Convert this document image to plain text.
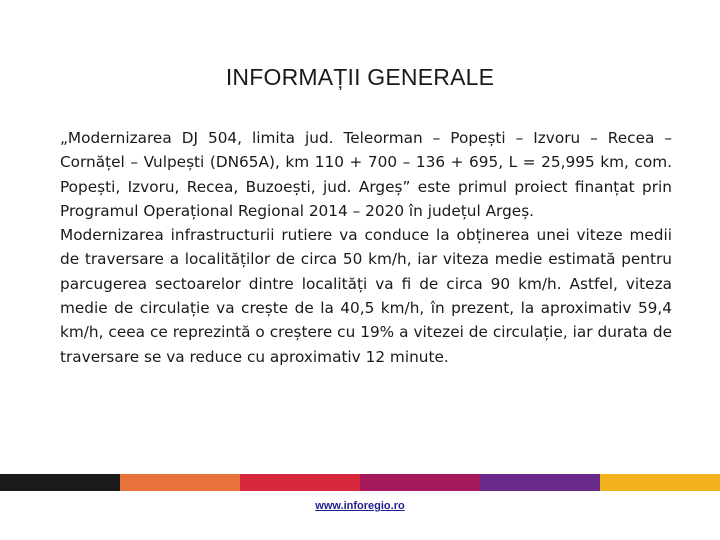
INFORMAȚII GENERALE

„Modernizarea DJ 504, limita jud. Teleorman – Popești – Izvoru – Recea – Cornățel – Vulpești (DN65A), km 110 + 700 – 136 + 695, L = 25,995 km, com. Popești, Izvoru, Recea, Buzoești, jud. Argeș” este primul proiect finanțat prin Programul Operațional Regional 2014 – 2020 în județul Argeș.

Modernizarea infrastructurii rutiere va conduce la obținerea unei viteze medii de traversare a localităților de circa 50 km/h, iar viteza medie estimată pentru parcugerea sectoarelor dintre localități va fi de circa 90 km/h. Astfel, viteza medie de circulație va crește de la 40,5 km/h, în prezent, la aproximativ 59,4 km/h, ceea ce reprezintă o creștere cu 19% a vitezei de circulație, iar durata de traversare se va reduce cu aproximativ 12 minute.

www.inforegio.ro
